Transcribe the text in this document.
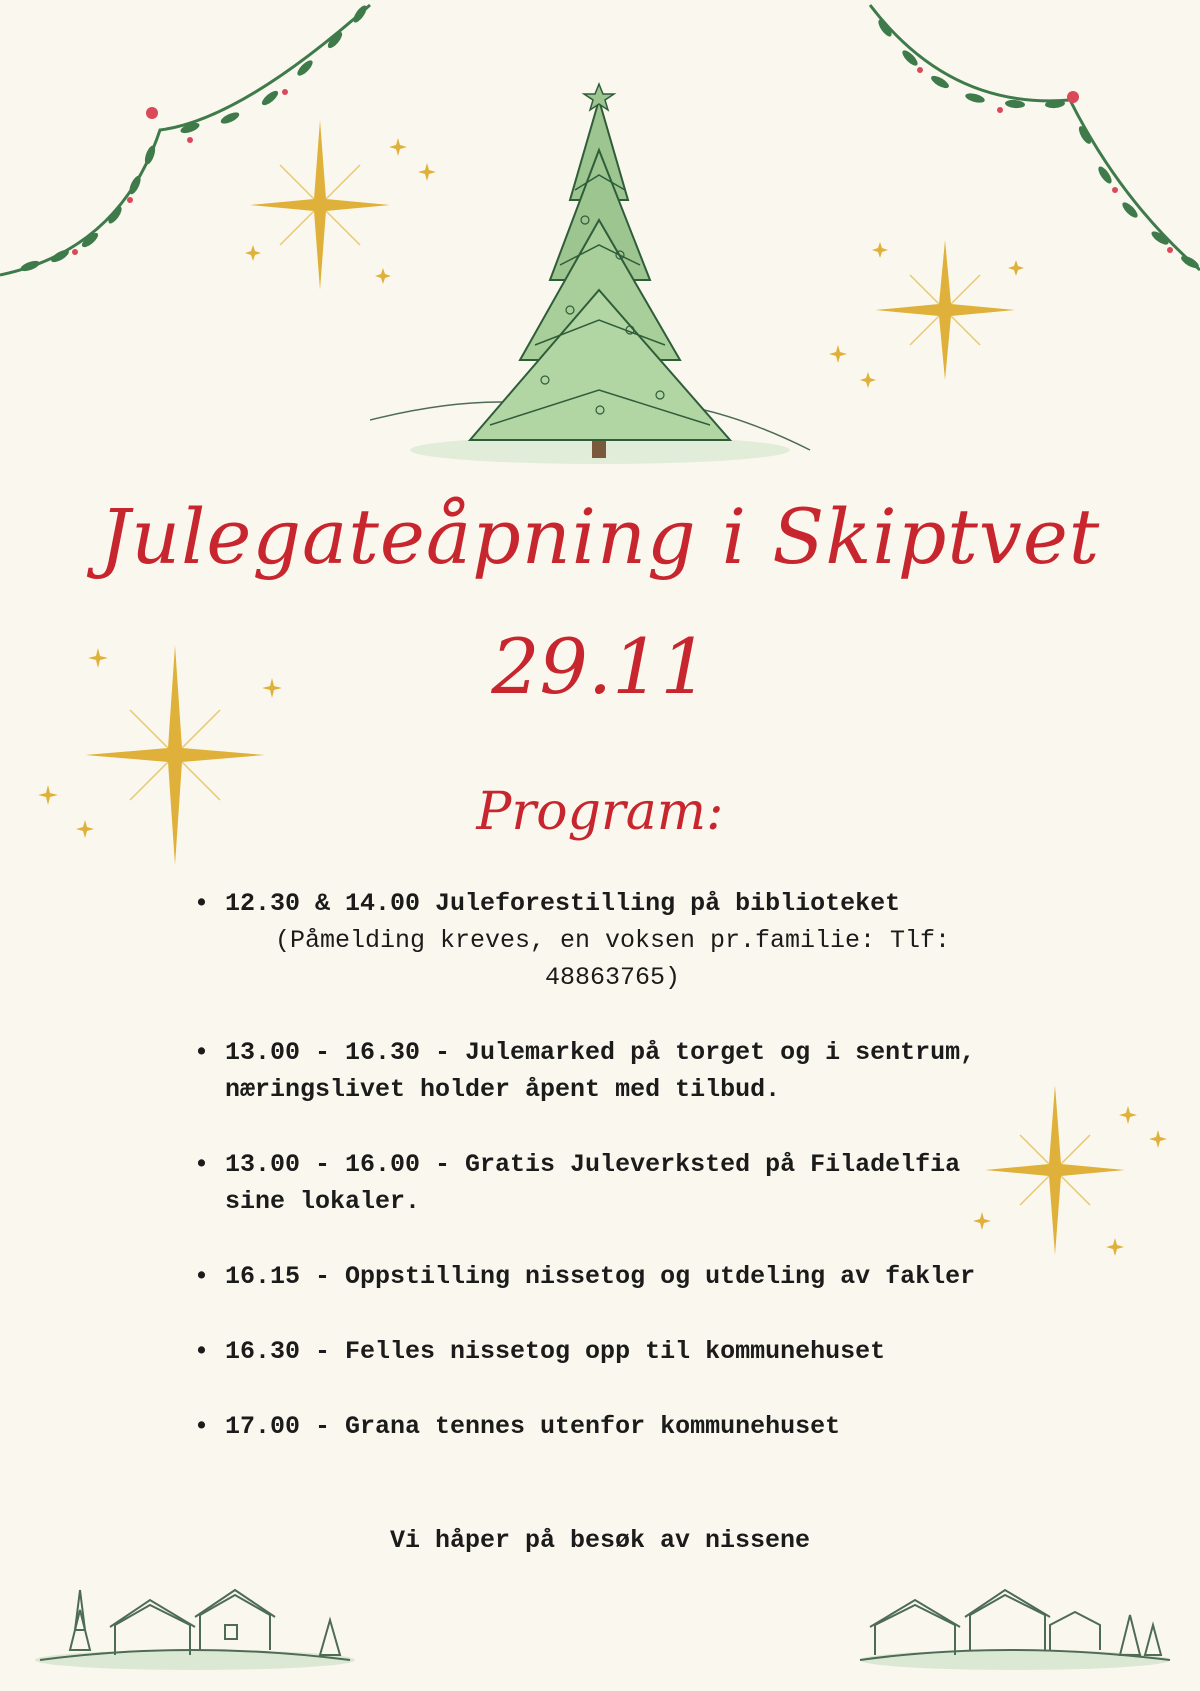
Julegateåpning i Skiptvet
29.11
Program:
• 12.30 & 14.00 Juleforestilling på biblioteket
(Påmelding kreves, en voksen pr.familie: Tlf: 48863765)
• 13.00 - 16.30 - Julemarked på torget og i sentrum, næringslivet holder åpent med tilbud.
• 13.00 - 16.00 - Gratis Juleverksted på Filadelfia sine lokaler.
• 16.15 - Oppstilling nissetog og utdeling av fakler
• 16.30 - Felles nissetog opp til kommunehuset
• 17.00 - Grana tennes utenfor kommunehuset
Vi håper på besøk av nissene
